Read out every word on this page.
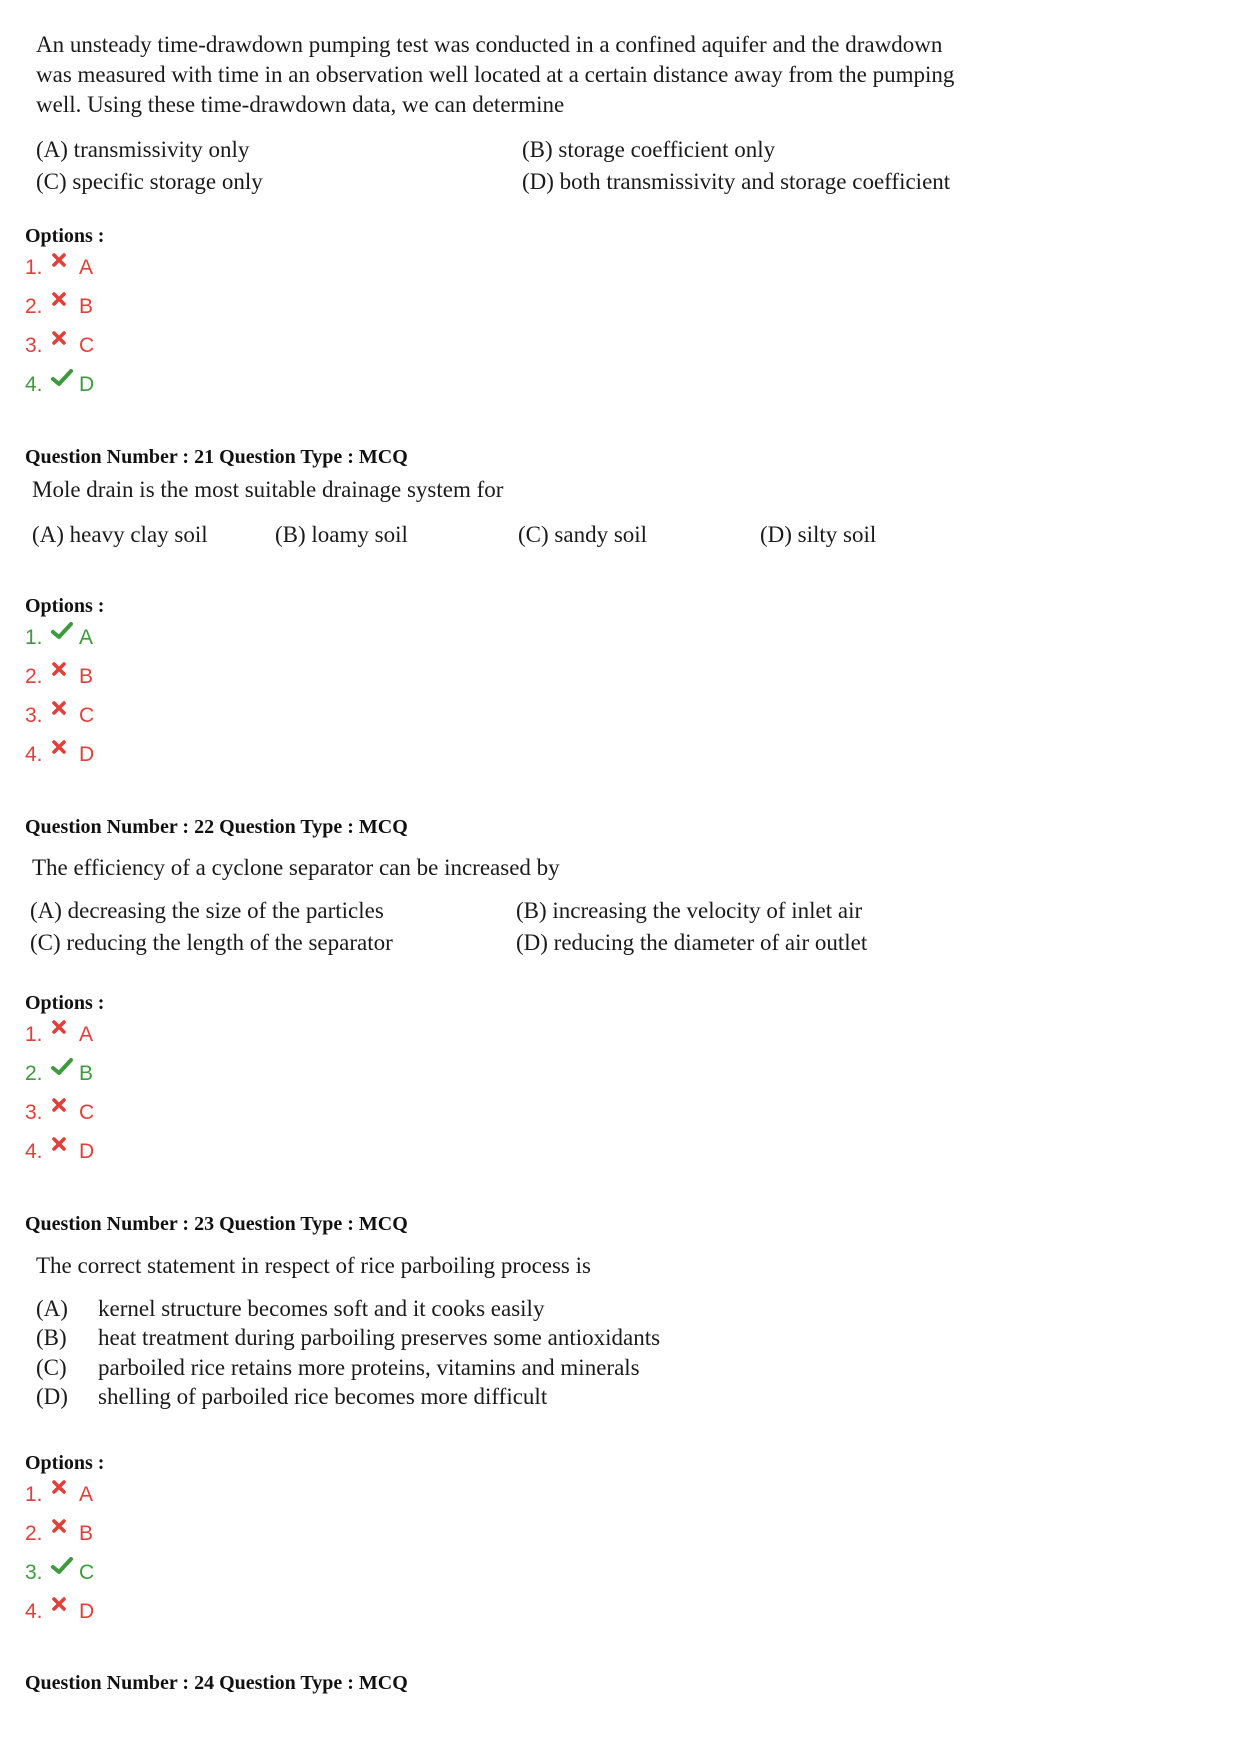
An unsteady time-drawdown pumping test was conducted in a confined aquifer and the drawdown
was measured with time in an observation well located at a certain distance away from the pumping
well. Using these time-drawdown data, we can determine
(A) transmissivity only	(B) storage coefficient only
(C) specific storage only	(D) both transmissivity and storage coefficient
Options :
1.	A
2.	B
3.	C
4.	D
Question Number : 21 Question Type : MCQ
Mole drain is the most suitable drainage system for
(A) heavy clay soil	(B) loamy soil	(C) sandy soil	(D) silty soil
Options :
1.	A
2.	B
3.	C
4.	D
Question Number : 22 Question Type : MCQ
The efficiency of a cyclone separator can be increased by
(A) decreasing the size of the particles	(B) increasing the velocity of inlet air
(C) reducing the length of the separator	(D) reducing the diameter of air outlet
Options :
1.	A
2.	B
3.	C
4.	D
Question Number : 23 Question Type : MCQ
The correct statement in respect of rice parboiling process is
(A) kernel structure becomes soft and it cooks easily
(B) heat treatment during parboiling preserves some antioxidants
(C) parboiled rice retains more proteins, vitamins and minerals
(D) shelling of parboiled rice becomes more difficult
Options :
1.	A
2.	B
3.	C
4.	D
Question Number : 24 Question Type : MCQ
